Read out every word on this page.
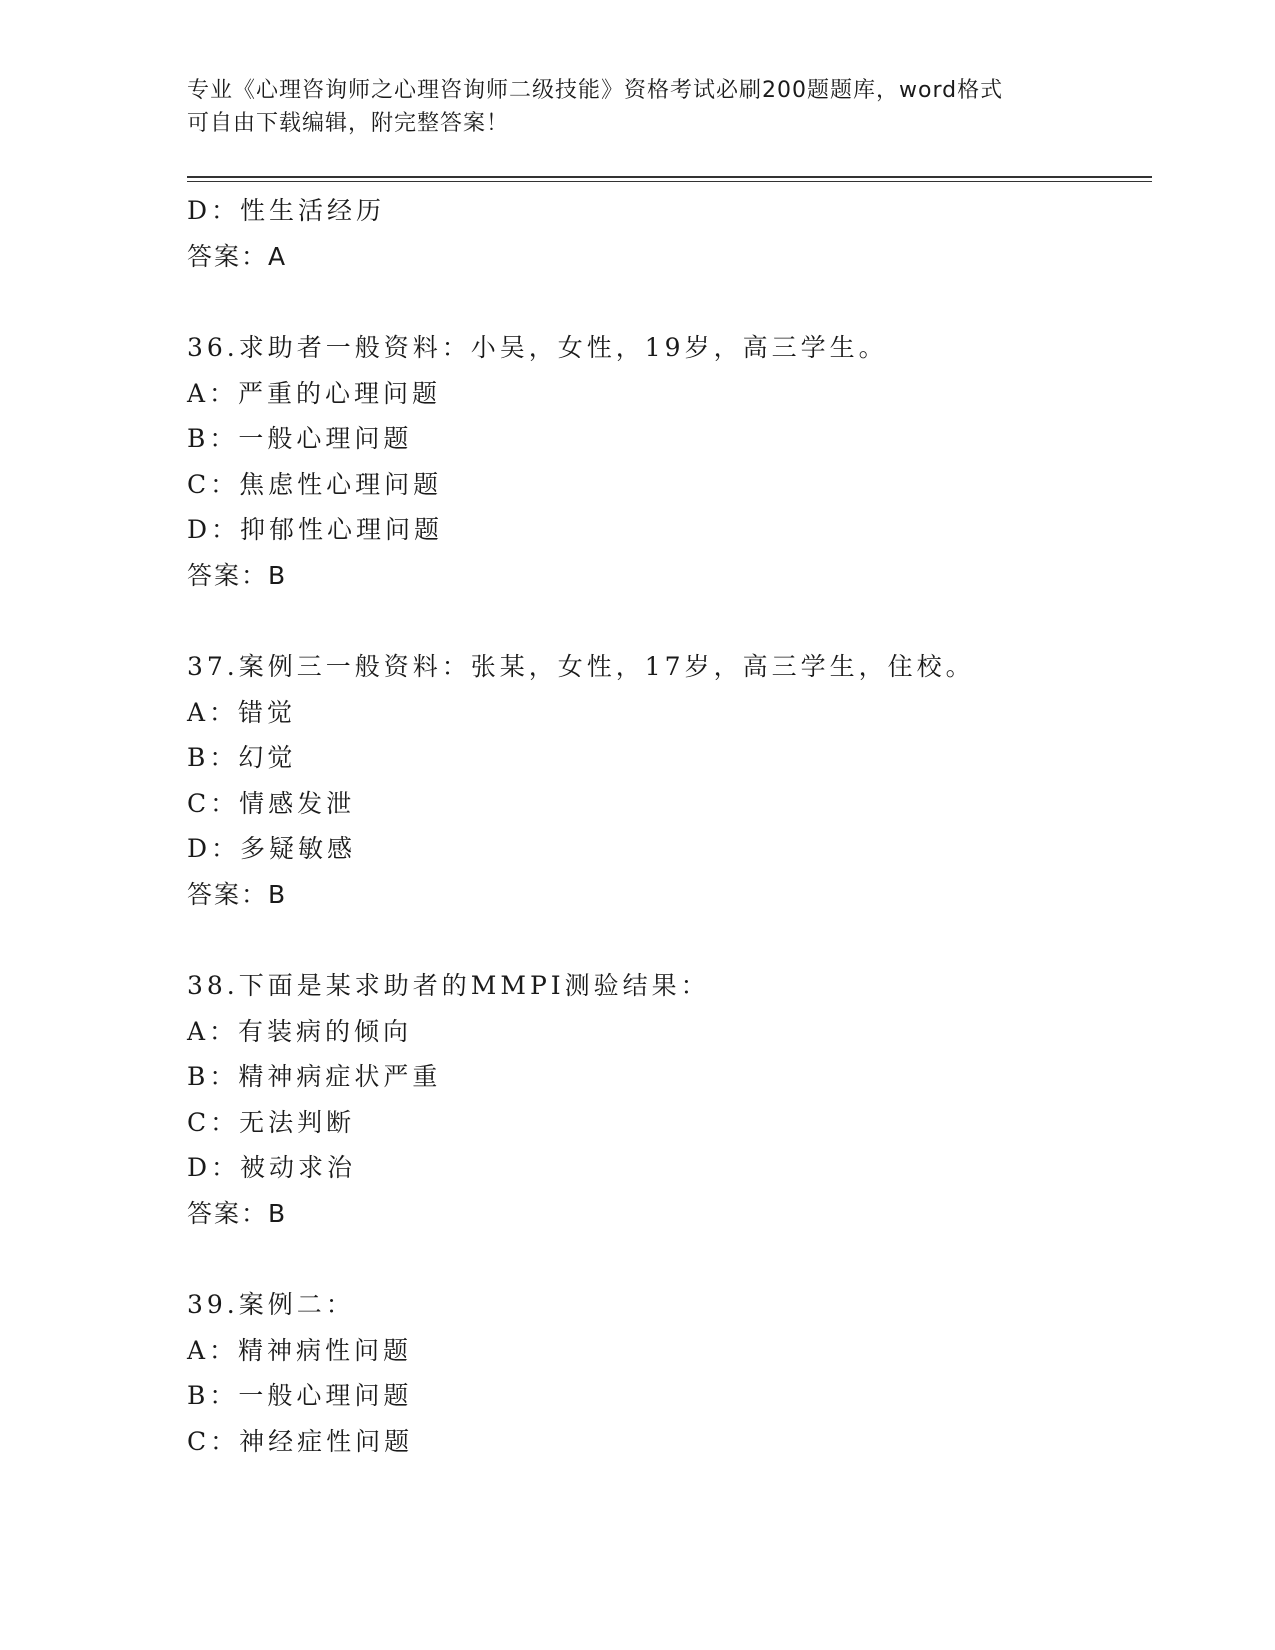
专业《心理咨询师之心理咨询师二级技能》资格考试必刷200题题库，word格式
可自由下载编辑，附完整答案！
D：性生活经历
答案：A
36.求助者一般资料：小吴，女性，19岁，高三学生。
A：严重的心理问题
B：一般心理问题
C：焦虑性心理问题
D：抑郁性心理问题
答案：B
37.案例三一般资料：张某，女性，17岁，高三学生，住校。
A：错觉
B：幻觉
C：情感发泄
D：多疑敏感
答案：B
38.下面是某求助者的MMPI测验结果：
A：有装病的倾向
B：精神病症状严重
C：无法判断
D：被动求治
答案：B
39.案例二：
A：精神病性问题
B：一般心理问题
C：神经症性问题
